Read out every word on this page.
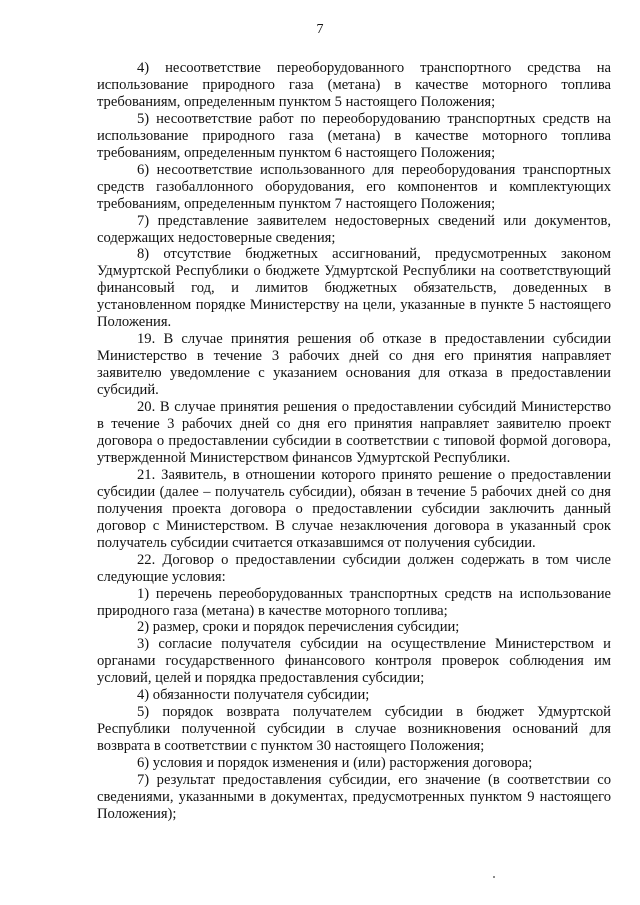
7

4) несоответствие переоборудованного транспортного средства на использование природного газа (метана) в качестве моторного топлива требованиям, определенным пунктом 5 настоящего Положения;

5) несоответствие работ по переоборудованию транспортных средств на использование природного газа (метана) в качестве моторного топлива требованиям, определенным пунктом 6 настоящего Положения;

6) несоответствие использованного для переоборудования транспортных средств газобаллонного оборудования, его компонентов и комплектующих требованиям, определенным пунктом 7 настоящего Положения;

7) представление заявителем недостоверных сведений или документов, содержащих недостоверные сведения;

8) отсутствие бюджетных ассигнований, предусмотренных законом Удмуртской Республики о бюджете Удмуртской Республики на соответствующий финансовый год, и лимитов бюджетных обязательств, доведенных в установленном порядке Министерству на цели, указанные в пункте 5 настоящего Положения.

19. В случае принятия решения об отказе в предоставлении субсидии Министерство в течение 3 рабочих дней со дня его принятия направляет заявителю уведомление с указанием основания для отказа в предоставлении субсидий.

20. В случае принятия решения о предоставлении субсидий Министерство в течение 3 рабочих дней со дня его принятия направляет заявителю проект договора о предоставлении субсидии в соответствии с типовой формой договора, утвержденной Министерством финансов Удмуртской Республики.

21. Заявитель, в отношении которого принято решение о предоставлении субсидии (далее – получатель субсидии), обязан в течение 5 рабочих дней со дня получения проекта договора о предоставлении субсидии заключить данный договор с Министерством. В случае незаключения договора в указанный срок получатель субсидии считается отказавшимся от получения субсидии.

22. Договор о предоставлении субсидии должен содержать в том числе следующие условия:

1) перечень переоборудованных транспортных средств на использование природного газа (метана) в качестве моторного топлива;

2) размер, сроки и порядок перечисления субсидии;

3) согласие получателя субсидии на осуществление Министерством и органами государственного финансового контроля проверок соблюдения им условий, целей и порядка предоставления субсидии;

4) обязанности получателя субсидии;

5) порядок возврата получателем субсидии в бюджет Удмуртской Республики полученной субсидии в случае возникновения оснований для возврата в соответствии с пунктом 30 настоящего Положения;

6) условия и порядок изменения и (или) расторжения договора;

7) результат предоставления субсидии, его значение (в соответствии со сведениями, указанными в документах, предусмотренных пунктом 9 настоящего Положения);
